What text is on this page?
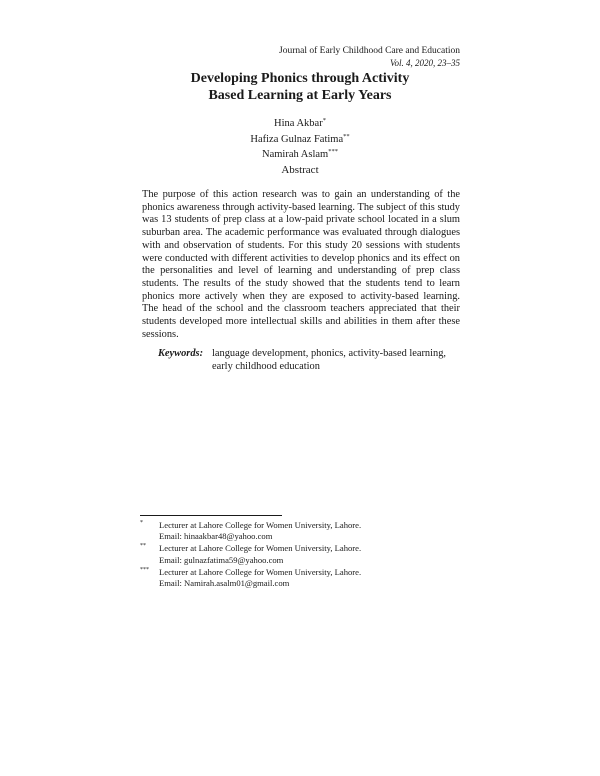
Journal of Early Childhood Care and Education
Vol. 4, 2020, 23–35
Developing Phonics through Activity
Based Learning at Early Years
Hina Akbar*
Hafiza Gulnaz Fatima**
Namirah Aslam***
Abstract

The purpose of this action research was to gain an understanding of the phonics awareness through activity-based learning. The subject of this study was 13 students of prep class at a low-paid private school located in a slum suburban area. The academic performance was evaluated through dialogues with and observation of students. For this study 20 sessions with students were conducted with different activities to develop phonics and its effect on the personalities and level of learning and understanding of prep class students. The results of the study showed that the students tend to learn phonics more actively when they are exposed to activity-based learning. The head of the school and the classroom teachers appreciated that their students developed more intellectual skills and abilities in them after these sessions.

Keywords: language development, phonics, activity-based learning, early childhood education
* Lecturer at Lahore College for Women University, Lahore.
Email: hinaakbar48@yahoo.com
** Lecturer at Lahore College for Women University, Lahore.
Email: gulnazfatima59@yahoo.com
*** Lecturer at Lahore College for Women University, Lahore.
Email: Namirah.asalm01@gmail.com
